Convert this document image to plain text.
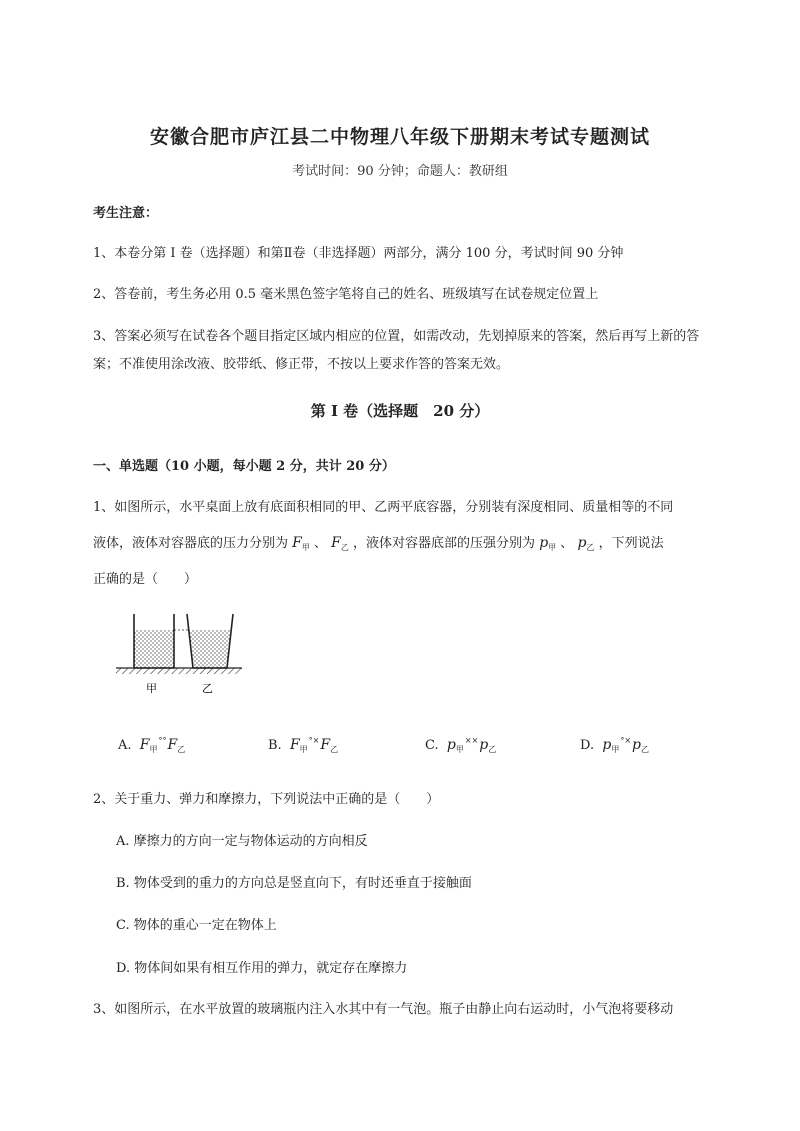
安徽合肥市庐江县二中物理八年级下册期末考试专题测试
考试时间：90 分钟；命题人：教研组
考生注意：
1、本卷分第 I 卷（选择题）和第Ⅱ卷（非选择题）两部分，满分 100 分，考试时间 90 分钟
2、答卷前，考生务必用 0.5 毫米黑色签字笔将自己的姓名、班级填写在试卷规定位置上
3、答案必须写在试卷各个题目指定区域内相应的位置，如需改动，先划掉原来的答案，然后再写上新的答案；不准使用涂改液、胶带纸、修正带，不按以上要求作答的答案无效。
第 I 卷（选择题　20 分）
一、单选题（10 小题，每小题 2 分，共计 20 分）
1、如图所示，水平桌面上放有底面积相同的甲、乙两平底容器，分别装有深度相同、质量相等的不同
液体，液体对容器底的压力分别为 $F_甲$ 、 $F_乙$ ，液体对容器底部的压强分别为 $p_甲$ 、 $p_乙$ ，下列说法
正确的是（　　）
甲	乙
A. $F_甲^{^\circ^\circ}F_乙$	B. $F_甲^{^\circ\times}F_乙$	C. $p_甲^{\times\times}p_乙$	D. $p_甲^{^\circ\times}p_乙$
2、关于重力、弹力和摩擦力，下列说法中正确的是（　　）
A. 摩擦力的方向一定与物体运动的方向相反
B. 物体受到的重力的方向总是竖直向下，有时还垂直于接触面
C. 物体的重心一定在物体上
D. 物体间如果有相互作用的弹力，就定存在摩擦力
3、如图所示，在水平放置的玻璃瓶内注入水其中有一气泡。瓶子由静止向右运动时，小气泡将要移动
